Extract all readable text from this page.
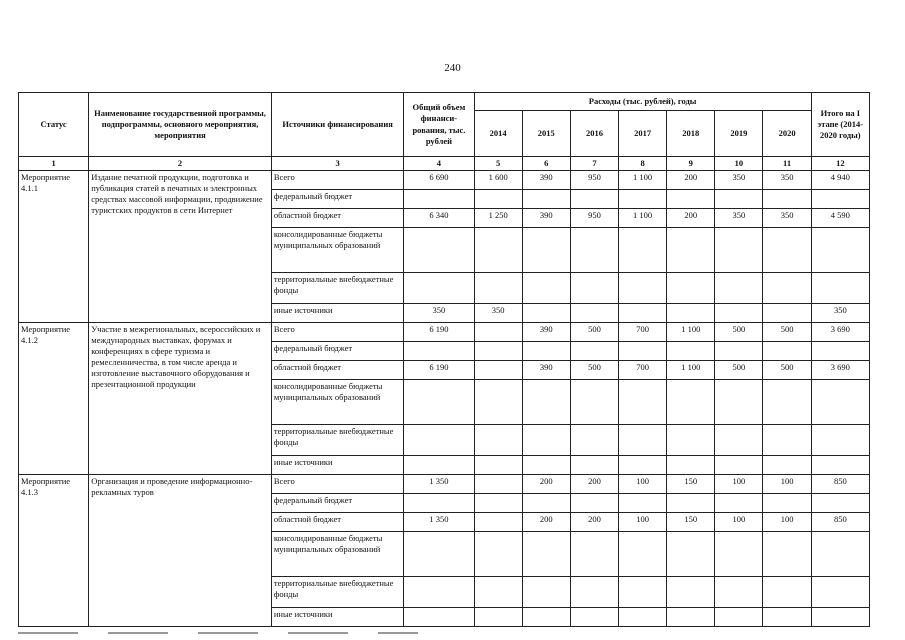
240
Статус	Наименование государственной программы, подпрограммы, основного мероприятия, мероприятия	Источники финансирования	Общий объем финанси-рования, тыс. рублей	Расходы (тыс. рублей), годы							Итого на I этапе (2014-2020 годы)
				2014	2015	2016	2017	2018	2019	2020	
1	2	3	4	5	6	7	8	9	10	11	12
Мероприятие 4.1.1	Издание печатной продукции, подготовка и публикация статей в печатных и электронных средствах массовой информации, продвижение туристских продуктов в сети Интернет	Всего	6 690	1 600	390	950	1 100	200	350	350	4 940
		федеральный бюджет									
		областной бюджет	6 340	1 250	390	950	1 100	200	350	350	4 590
		консолидированные бюджеты муниципальных образований									
		территориальные внебюджетные фонды									
		иные источники	350	350							350
Мероприятие 4.1.2	Участие в межрегиональных, всероссийских и международных выставках, форумах и конференциях в сфере туризма и ремесленничества, в том числе аренда и изготовление выставочного оборудования и презентационной продукции	Всего	6 190		390	500	700	1 100	500	500	3 690
		федеральный бюджет									
		областной бюджет	6 190		390	500	700	1 100	500	500	3 690
		консолидированные бюджеты муниципальных образований									
		территориальные внебюджетные фонды									
		иные источники									
Мероприятие 4.1.3	Организация и проведение информационно-рекламных туров	Всего	1 350		200	200	100	150	100	100	850
		федеральный бюджет									
		областной бюджет	1 350		200	200	100	150	100	100	850
		консолидированные бюджеты муниципальных образований									
		территориальные внебюджетные фонды									
		иные источники									
